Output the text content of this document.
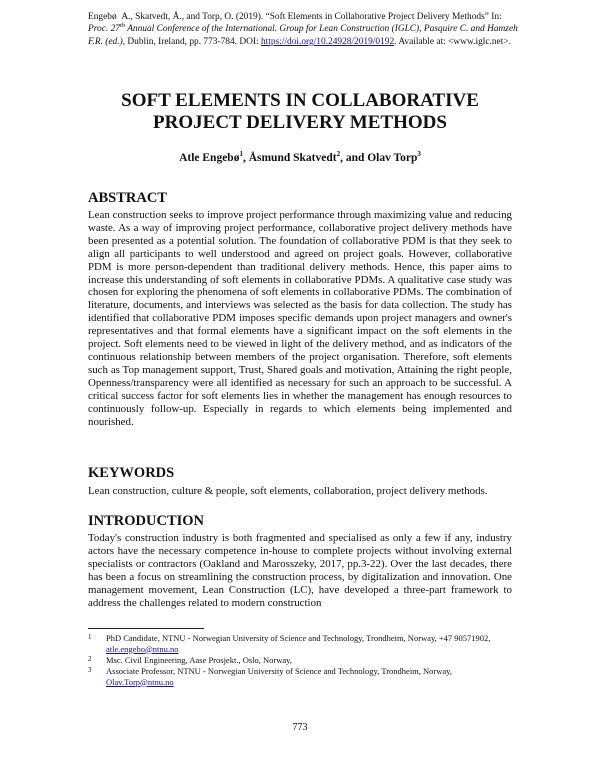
Engebø A., Skatvedt, Å., and Torp, O. (2019). “Soft Elements in Collaborative Project Delivery Methods” In: Proc. 27th Annual Conference of the International. Group for Lean Construction (IGLC), Pasquire C. and Hamzeh F.R. (ed.), Dublin, Ireland, pp. 773-784. DOI: https://doi.org/10.24928/2019/0192. Available at: <www.iglc.net>.
SOFT ELEMENTS IN COLLABORATIVE
PROJECT DELIVERY METHODS
Atle Engebø$^1$, Åsmund Skatvedt$^2$, and Olav Torp$^3$
ABSTRACT

Lean construction seeks to improve project performance through maximizing value and reducing waste. As a way of improving project performance, collaborative project delivery methods have been presented as a potential solution. The foundation of collaborative PDM is that they seek to align all participants to well understood and agreed on project goals. However, collaborative PDM is more person-dependent than traditional delivery methods. Hence, this paper aims to increase this understanding of soft elements in collaborative PDMs. A qualitative case study was chosen for exploring the phenomena of soft elements in collaborative PDMs. The combination of literature, documents, and interviews was selected as the basis for data collection. The study has identified that collaborative PDM imposes specific demands upon project managers and owner's representatives and that formal elements have a significant impact on the soft elements in the project. Soft elements need to be viewed in light of the delivery method, and as indicators of the continuous relationship between members of the project organisation. Therefore, soft elements such as Top management support, Trust, Shared goals and motivation, Attaining the right people, Openness/transparency were all identified as necessary for such an approach to be successful. A critical success factor for soft elements lies in whether the management has enough resources to continuously follow-up. Especially in regards to which elements being implemented and nourished.

KEYWORDS

Lean construction, culture & people, soft elements, collaboration, project delivery methods.

INTRODUCTION

Today's construction industry is both fragmented and specialised as only a few if any, industry actors have the necessary competence in-house to complete projects without involving external specialists or contractors (Oakland and Marosszeky, 2017, pp.3-22). Over the last decades, there has been a focus on streamlining the construction process, by digitalization and innovation. One management movement, Lean Construction (LC), have developed a three-part framework to address the challenges related to modern construction

1 PhD Candidate, NTNU - Norwegian University of Science and Technology, Trondheim, Norway, +47 90571902, atle.engebo@ntnu.no
2 Msc. Civil Engineering, Aase Prosjekt., Oslo, Norway,
3 Associate Professor, NTNU - Norwegian University of Science and Technology, Trondheim, Norway, Olav.Torp@ntnu.no
773
